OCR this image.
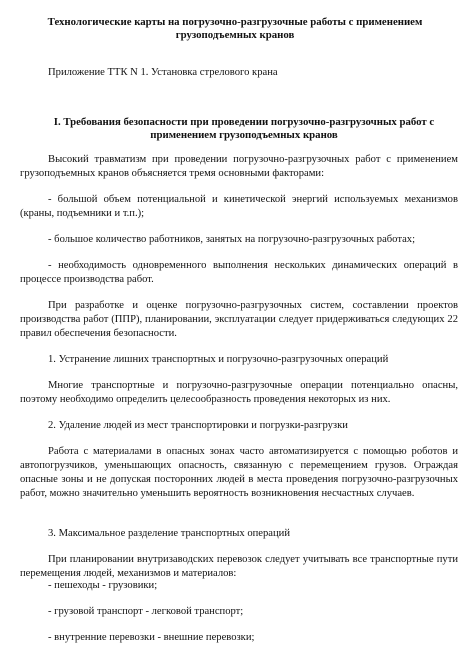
Технологические карты на погрузочно-разгрузочные работы с применением грузоподъемных кранов
Приложение ТТК N 1. Установка стрелового крана
I. Требования безопасности при проведении погрузочно-разгрузочных работ с применением грузоподъемных кранов

Высокий травматизм при проведении погрузочно-разгрузочных работ с применением грузоподъемных кранов объясняется тремя основными факторами:

- большой объем потенциальной и кинетической энергий используемых механизмов (краны, подъемники и т.п.);

- большое количество работников, занятых на погрузочно-разгрузочных работах;

- необходимость одновременного выполнения нескольких динамических операций в процессе производства работ.

При разработке и оценке погрузочно-разгрузочных систем, составлении проектов производства работ (ППР), планировании, эксплуатации следует придерживаться следующих 22 правил обеспечения безопасности.

1. Устранение лишних транспортных и погрузочно-разгрузочных операций

Многие транспортные и погрузочно-разгрузочные операции потенциально опасны, поэтому необходимо определить целесообразность проведения некоторых из них.

2. Удаление людей из мест транспортировки и погрузки-разгрузки

Работа с материалами в опасных зонах часто автоматизируется с помощью роботов и автопогрузчиков, уменьшающих опасность, связанную с перемещением грузов. Ограждая опасные зоны и не допуская посторонних людей в места проведения погрузочно-разгрузочных работ, можно значительно уменьшить вероятность возникновения несчастных случаев.

3. Максимальное разделение транспортных операций

При планировании внутризаводских перевозок следует учитывать все транспортные пути перемещения людей, механизмов и материалов:

- пешеходы - грузовики;

- грузовой транспорт - легковой транспорт;

- внутренние перевозки - внешние перевозки;
